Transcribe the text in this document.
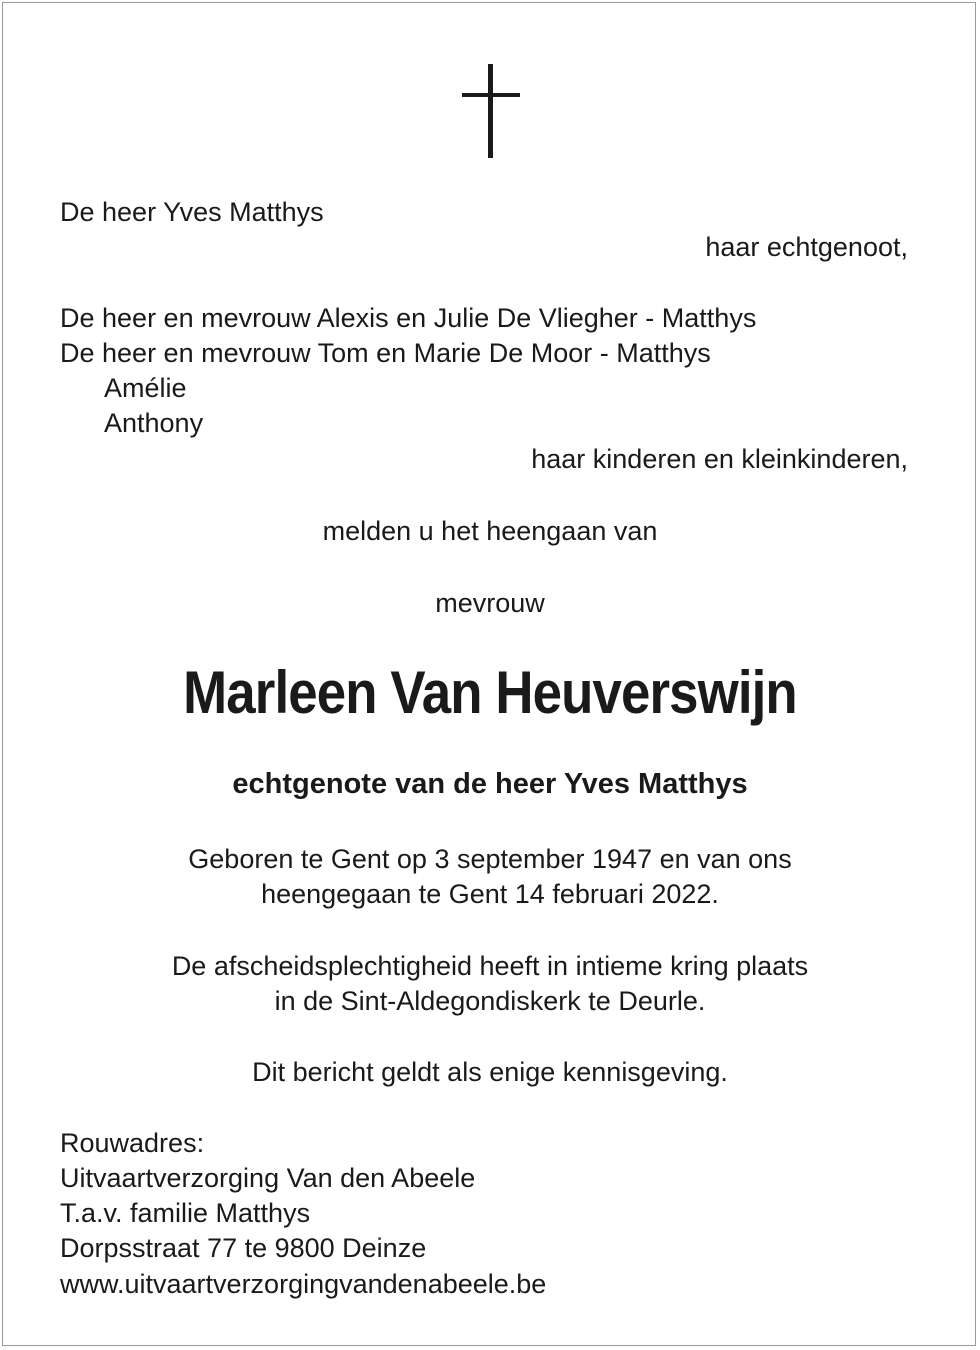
De heer Yves Matthys
haar echtgenoot,
De heer en mevrouw Alexis en Julie De Vliegher - Matthys
De heer en mevrouw Tom en Marie De Moor - Matthys
Amélie
Anthony
haar kinderen en kleinkinderen,
melden u het heengaan van
mevrouw
Marleen Van Heuverswijn
echtgenote van de heer Yves Matthys
Geboren te Gent op 3 september 1947 en van ons
heengegaan te Gent 14 februari 2022.
De afscheidsplechtigheid heeft in intieme kring plaats
in de Sint-Aldegondiskerk te Deurle.
Dit bericht geldt als enige kennisgeving.
Rouwadres:
Uitvaartverzorging Van den Abeele
T.a.v. familie Matthys
Dorpsstraat 77 te 9800 Deinze
www.uitvaartverzorgingvandenabeele.be
